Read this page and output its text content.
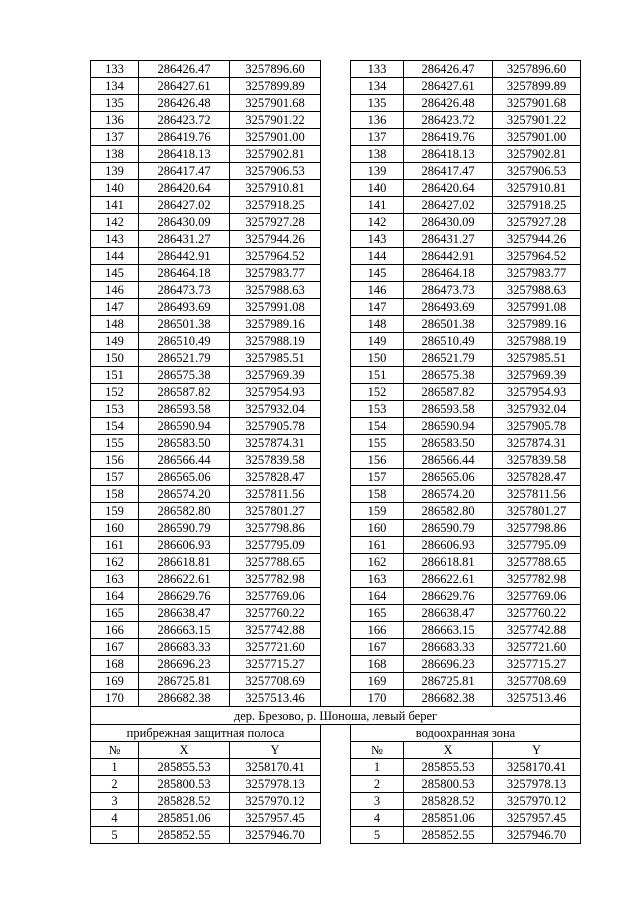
133	286426.47	3257896.60		133	286426.47	3257896.60
134	286427.61	3257899.89		134	286427.61	3257899.89
135	286426.48	3257901.68		135	286426.48	3257901.68
136	286423.72	3257901.22		136	286423.72	3257901.22
137	286419.76	3257901.00		137	286419.76	3257901.00
138	286418.13	3257902.81		138	286418.13	3257902.81
139	286417.47	3257906.53		139	286417.47	3257906.53
140	286420.64	3257910.81		140	286420.64	3257910.81
141	286427.02	3257918.25		141	286427.02	3257918.25
142	286430.09	3257927.28		142	286430.09	3257927.28
143	286431.27	3257944.26		143	286431.27	3257944.26
144	286442.91	3257964.52		144	286442.91	3257964.52
145	286464.18	3257983.77		145	286464.18	3257983.77
146	286473.73	3257988.63		146	286473.73	3257988.63
147	286493.69	3257991.08		147	286493.69	3257991.08
148	286501.38	3257989.16		148	286501.38	3257989.16
149	286510.49	3257988.19		149	286510.49	3257988.19
150	286521.79	3257985.51		150	286521.79	3257985.51
151	286575.38	3257969.39		151	286575.38	3257969.39
152	286587.82	3257954.93		152	286587.82	3257954.93
153	286593.58	3257932.04		153	286593.58	3257932.04
154	286590.94	3257905.78		154	286590.94	3257905.78
155	286583.50	3257874.31		155	286583.50	3257874.31
156	286566.44	3257839.58		156	286566.44	3257839.58
157	286565.06	3257828.47		157	286565.06	3257828.47
158	286574.20	3257811.56		158	286574.20	3257811.56
159	286582.80	3257801.27		159	286582.80	3257801.27
160	286590.79	3257798.86		160	286590.79	3257798.86
161	286606.93	3257795.09		161	286606.93	3257795.09
162	286618.81	3257788.65		162	286618.81	3257788.65
163	286622.61	3257782.98		163	286622.61	3257782.98
164	286629.76	3257769.06		164	286629.76	3257769.06
165	286638.47	3257760.22		165	286638.47	3257760.22
166	286663.15	3257742.88		166	286663.15	3257742.88
167	286683.33	3257721.60		167	286683.33	3257721.60
168	286696.23	3257715.27		168	286696.23	3257715.27
169	286725.81	3257708.69		169	286725.81	3257708.69
170	286682.38	3257513.46		170	286682.38	3257513.46
дер. Брезово, р. Шоноша, левый берег						
прибрежная защитная полоса				водоохранная зона		
№	X	Y		№	X	Y
1	285855.53	3258170.41		1	285855.53	3258170.41
2	285800.53	3257978.13		2	285800.53	3257978.13
3	285828.52	3257970.12		3	285828.52	3257970.12
4	285851.06	3257957.45		4	285851.06	3257957.45
5	285852.55	3257946.70		5	285852.55	3257946.70
